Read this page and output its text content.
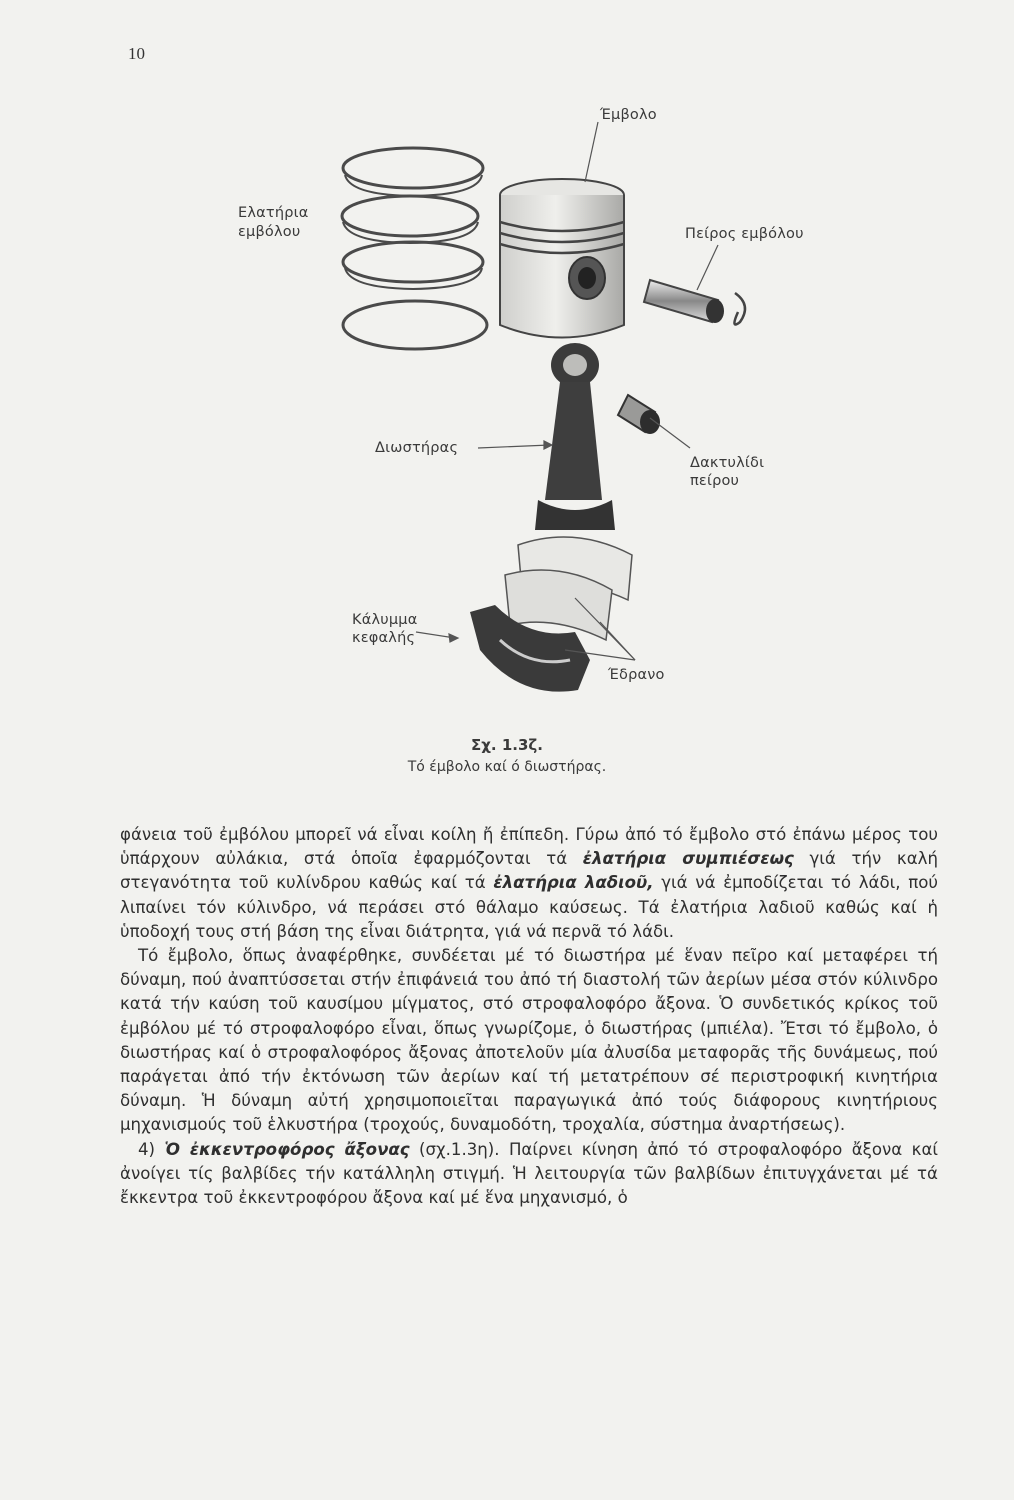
10
Έμβολο
Ελατήρια
εμβόλου	Πείρος εμβόλου
Διωστήρας
Δακτυλίδι
πείρου
Κάλυμμα
κεφαλής
Έδρανο
Σχ. 1.3ζ.
Τό έμβολο καί ό διωστήρας.

φάνεια τοῦ ἐμβόλου μπορεῖ νά εἶναι κοίλη ἤ ἐπίπεδη. Γύρω ἀπό τό ἔμβολο στό ἐπάνω μέρος του ὑπάρχουν αὐλάκια, στά ὁποῖα ἐφαρμόζονται τά ἐλατήρια συμπιέσεως γιά τήν καλή στεγανότητα τοῦ κυλίνδρου καθώς καί τά ἐλατήρια λαδιοῦ, γιά νά ἐμποδίζεται τό λάδι, πού λιπαίνει τόν κύλινδρο, νά περάσει στό θάλαμο καύσεως. Τά ἐλατήρια λαδιοῦ καθώς καί ἡ ὑποδοχή τους στή βάση της εἶναι διάτρητα, γιά νά περνᾶ τό λάδι.

Τό ἔμβολο, ὅπως ἀναφέρθηκε, συνδέεται μέ τό διωστήρα μέ ἕναν πεῖρο καί μεταφέρει τή δύναμη, πού ἀναπτύσσεται στήν ἐπιφάνειά του ἀπό τή διαστολή τῶν ἀερίων μέσα στόν κύλινδρο κατά τήν καύση τοῦ καυσίμου μίγματος, στό στροφαλοφόρο ἄξονα. Ὁ συνδετικός κρίκος τοῦ ἐμβόλου μέ τό στροφαλοφόρο εἶναι, ὅπως γνωρίζομε, ὁ διωστήρας (μπιέλα). Ἔτσι τό ἔμβολο, ὁ διωστήρας καί ὁ στροφαλοφόρος ἄξονας ἀποτελοῦν μία ἀλυσίδα μεταφορᾶς τῆς δυνάμεως, πού παράγεται ἀπό τήν ἐκτόνωση τῶν ἀερίων καί τή μετατρέπουν σέ περιστροφική κινητήρια δύναμη. Ἡ δύναμη αὐτή χρησιμοποιεῖται παραγωγικά ἀπό τούς διάφορους κινητήριους μηχανισμούς τοῦ ἑλκυστήρα (τροχούς, δυναμοδότη, τροχαλία, σύστημα ἀναρτήσεως).

4) Ὁ ἐκκεντροφόρος ἄξονας (σχ.1.3η). Παίρνει κίνηση ἀπό τό στροφαλοφόρο ἄξονα καί ἀνοίγει τίς βαλβίδες τήν κατάλληλη στιγμή. Ἡ λειτουργία τῶν βαλβίδων ἐπιτυγχάνεται μέ τά ἔκκεντρα τοῦ ἐκκεντροφόρου ἄξονα καί μέ ἕνα μηχανισμό, ὁ
